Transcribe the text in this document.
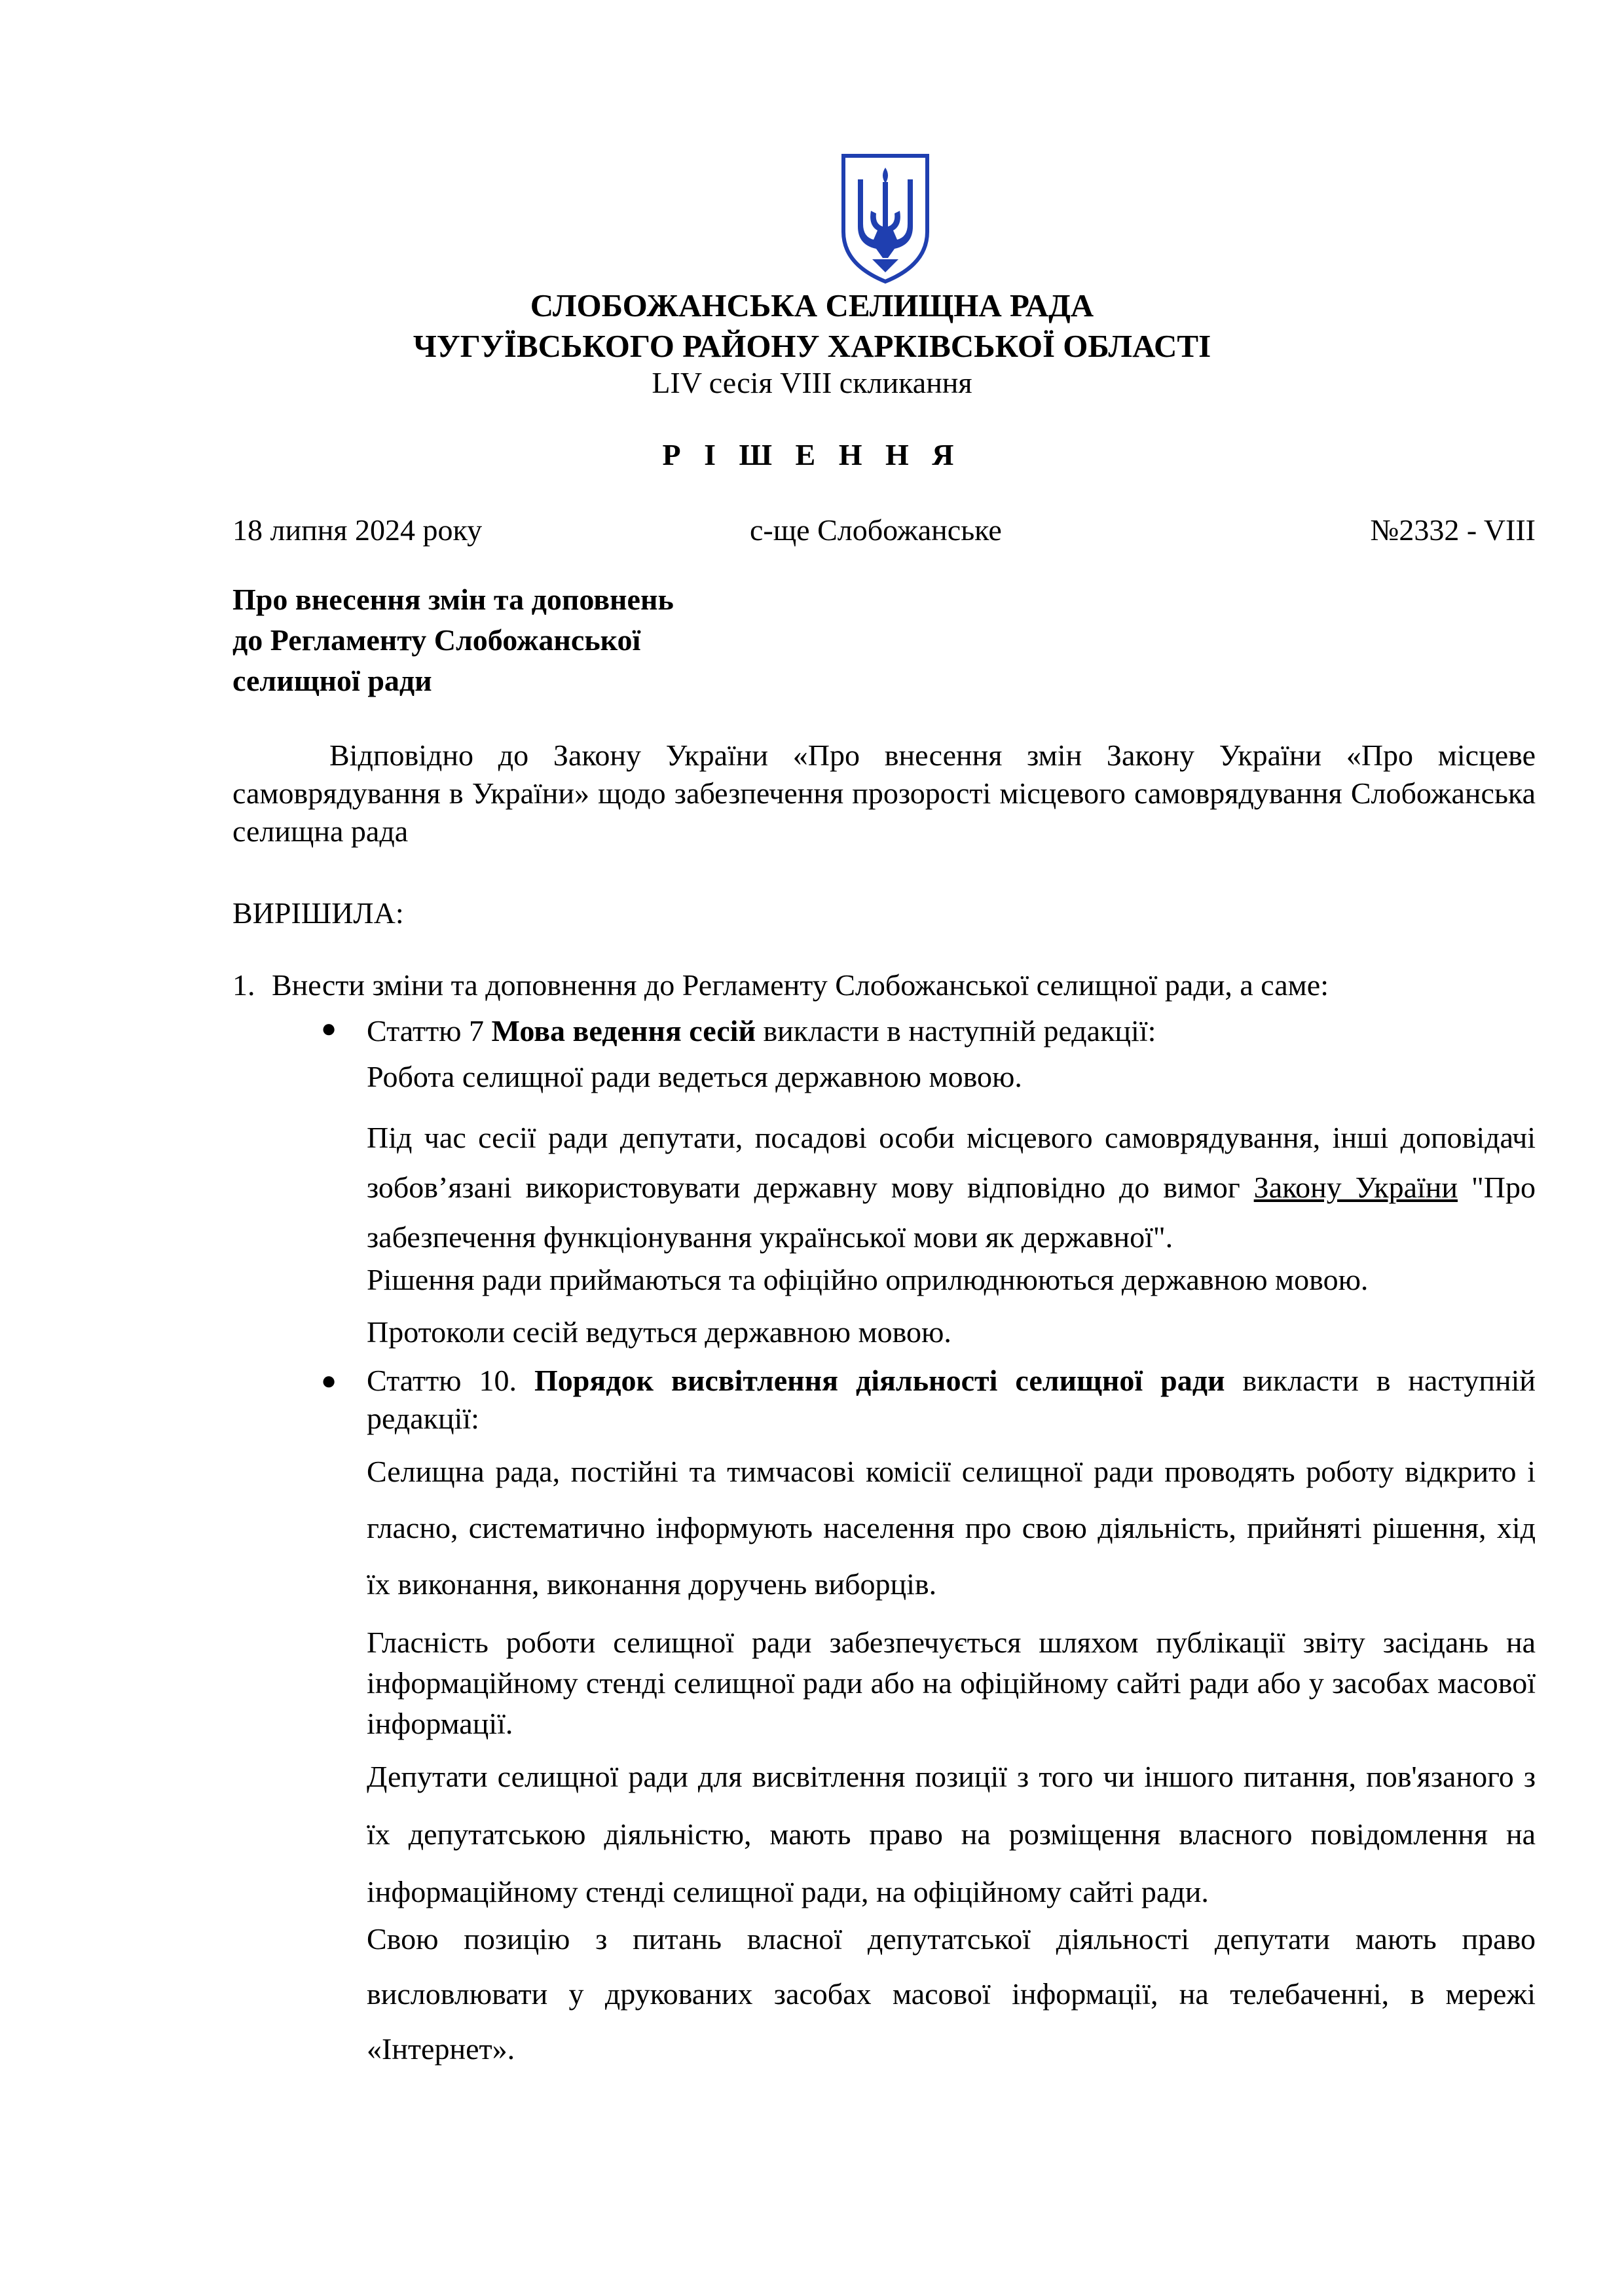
СЛОБОЖАНСЬКА СЕЛИЩНА РАДА
ЧУГУЇВСЬКОГО РАЙОНУ ХАРКІВСЬКОЇ ОБЛАСТІ
LIV сесія VIII скликання
Р І Ш Е Н Н Я
18 липня 2024 року	с-ще Слобожанське	№2332 - VIII
Про внесення змін та доповнень
до Регламенту Слобожанської
селищної ради
Відповідно до Закону України «Про внесення змін Закону України «Про місцеве самоврядування в України» щодо забезпечення прозорості місцевого самоврядування Слобожанська селищна рада
ВИРІШИЛА:
1. Внести зміни та доповнення до Регламенту Слобожанської селищної ради, а саме:
● Статтю 7 Мова ведення сесій викласти в наступній редакції:
Робота селищної ради ведеться державною мовою.
Під час сесії ради депутати, посадові особи місцевого самоврядування, інші доповідачі зобов’язані використовувати державну мову відповідно до вимог Закону України "Про забезпечення функціонування української мови як державної".
Рішення ради приймаються та офіційно оприлюднюються державною мовою.
Протоколи сесій ведуться державною мовою.
● Статтю 10. Порядок висвітлення діяльності селищної ради викласти в наступній редакції:
Селищна рада, постійні та тимчасові комісії селищної ради проводять роботу відкрито і гласно, систематично інформують населення про свою діяльність, прийняті рішення, хід їх виконання, виконання доручень виборців.
Гласність роботи селищної ради забезпечується шляхом публікації звіту засідань на інформаційному стенді селищної ради або на офіційному сайті ради або у засобах масової інформації.
Депутати селищної ради для висвітлення позиції з того чи іншого питання, пов'язаного з їх депутатською діяльністю, мають право на розміщення власного повідомлення на інформаційному стенді селищної ради, на офіційному сайті ради.
Свою позицію з питань власної депутатської діяльності депутати мають право висловлювати у друкованих засобах масової інформації, на телебаченні, в мережі «Інтернет».
